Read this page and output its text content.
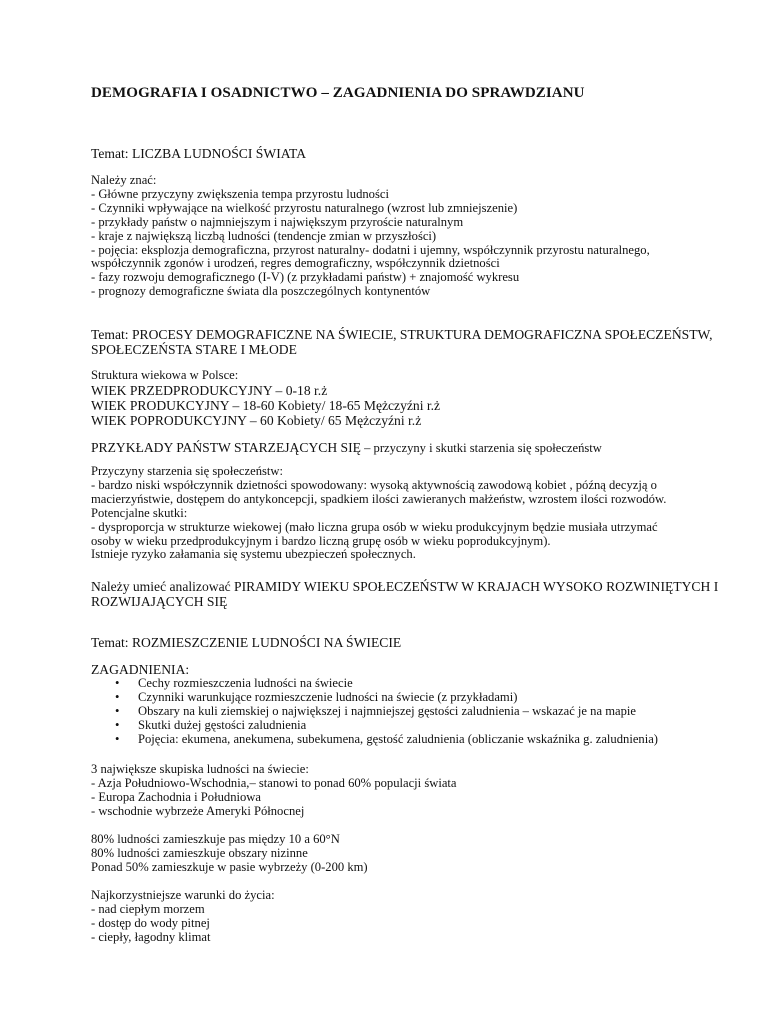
DEMOGRAFIA I OSADNICTWO – ZAGADNIENIA DO SPRAWDZIANU
Temat: LICZBA LUDNOŚCI ŚWIATA
Należy znać:
- Główne przyczyny zwiększenia tempa przyrostu ludności
- Czynniki wpływające na wielkość przyrostu naturalnego (wzrost lub zmniejszenie)
- przykłady państw o najmniejszym i największym przyroście naturalnym
- kraje z największą liczbą ludności (tendencje zmian w przyszłości)
- pojęcia: eksplozja demograficzna, przyrost naturalny- dodatni i ujemny, współczynnik przyrostu naturalnego,
współczynnik zgonów i urodzeń, regres demograficzny, współczynnik dzietności
- fazy rozwoju demograficznego (I-V) (z przykładami państw) + znajomość wykresu
- prognozy demograficzne świata dla poszczególnych kontynentów
Temat: PROCESY DEMOGRAFICZNE NA ŚWIECIE, STRUKTURA DEMOGRAFICZNA SPOŁECZEŃSTW,
SPOŁECZEŃSTA STARE I MŁODE
Struktura wiekowa w Polsce:
WIEK PRZEDPRODUKCYJNY – 0-18 r.ż
WIEK PRODUKCYJNY – 18-60 Kobiety/ 18-65 Mężczyźni r.ż
WIEK POPRODUKCYJNY – 60 Kobiety/ 65 Mężczyźni r.ż
PRZYKŁADY PAŃSTW STARZEJĄCYCH SIĘ – przyczyny i skutki starzenia się społeczeństw
Przyczyny starzenia się społeczeństw:
- bardzo niski współczynnik dzietności spowodowany: wysoką aktywnością zawodową kobiet , późną decyzją o
macierzyństwie, dostępem do antykoncepcji, spadkiem ilości zawieranych małżeństw, wzrostem ilości rozwodów.
Potencjalne skutki:
- dysproporcja w strukturze wiekowej (mało liczna grupa osób w wieku produkcyjnym będzie musiała utrzymać
osoby w wieku przedprodukcyjnym i bardzo liczną grupę osób w wieku poprodukcyjnym).
Istnieje ryzyko załamania się systemu ubezpieczeń społecznych.
Należy umieć analizować PIRAMIDY WIEKU SPOŁECZEŃSTW W KRAJACH WYSOKO ROZWINIĘTYCH I
ROZWIJAJĄCYCH SIĘ
Temat: ROZMIESZCZENIE LUDNOŚCI NA ŚWIECIE
ZAGADNIENIA:
• Cechy rozmieszczenia ludności na świecie
• Czynniki warunkujące rozmieszczenie ludności na świecie (z przykładami)
• Obszary na kuli ziemskiej o największej i najmniejszej gęstości zaludnienia – wskazać je na mapie
• Skutki dużej gęstości zaludnienia
• Pojęcia: ekumena, anekumena, subekumena, gęstość zaludnienia (obliczanie wskaźnika g. zaludnienia)
3 największe skupiska ludności na świecie:
- Azja Południowo-Wschodnia,– stanowi to ponad 60% populacji świata
- Europa Zachodnia i Południowa
- wschodnie wybrzeże Ameryki Północnej
80% ludności zamieszkuje pas między 10 a 60°N
80% ludności zamieszkuje obszary nizinne
Ponad 50% zamieszkuje w pasie wybrzeży (0-200 km)
Najkorzystniejsze warunki do życia:
- nad ciepłym morzem
- dostęp do wody pitnej
- ciepły, łagodny klimat
